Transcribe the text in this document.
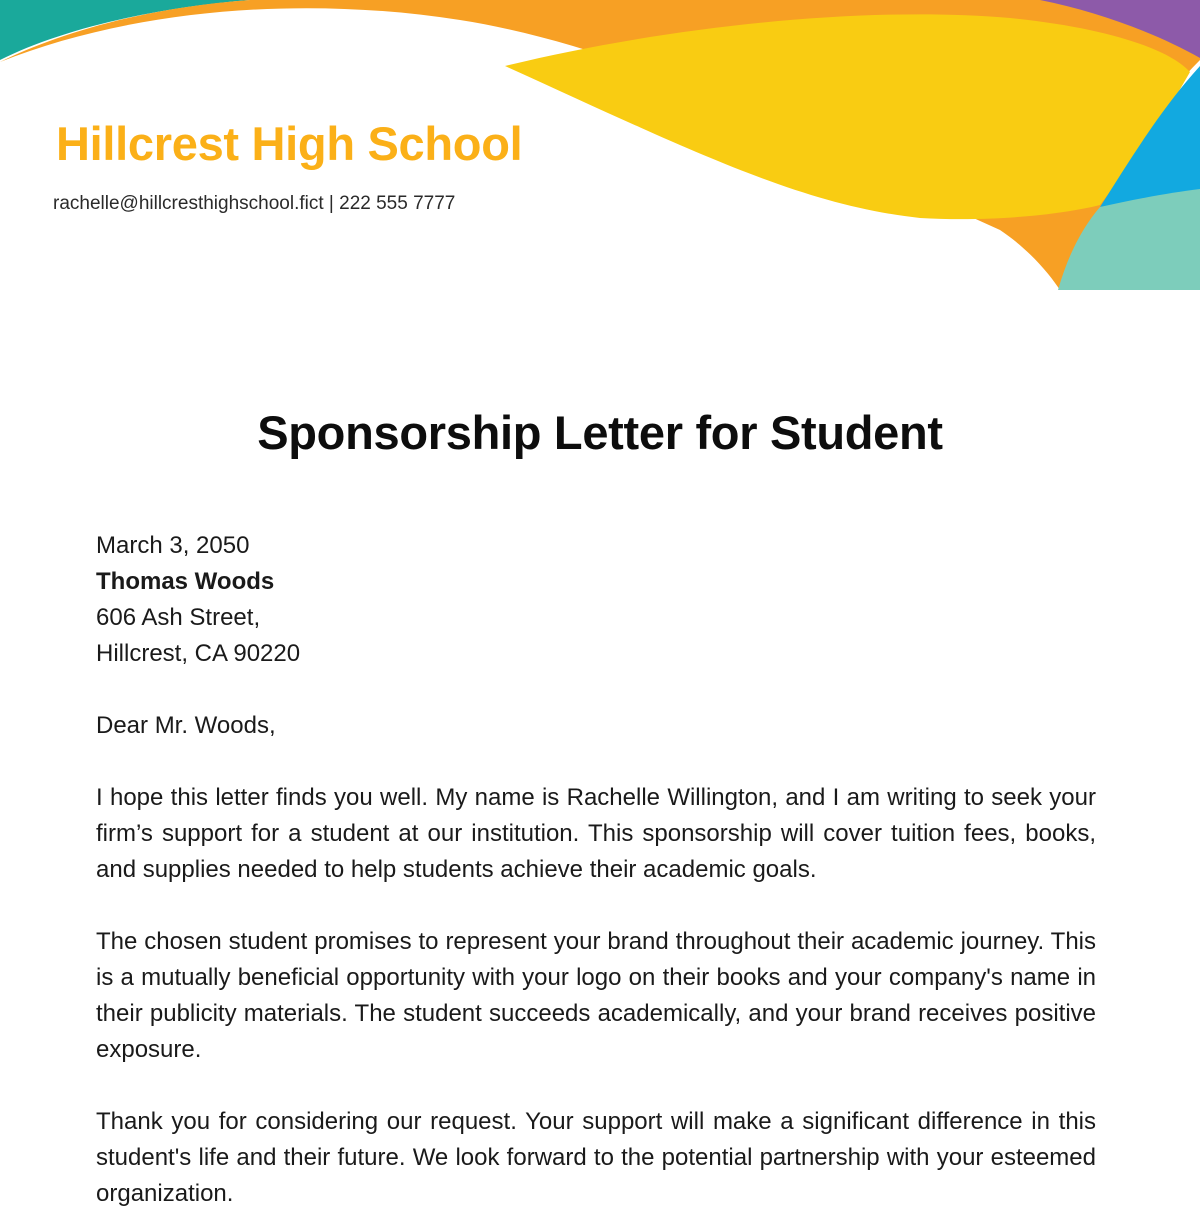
Hillcrest High School
rachelle@hillcresthighschool.fict | 222 555 7777
Sponsorship Letter for Student
March 3, 2050
Thomas Woods
606 Ash Street,
Hillcrest, CA 90220
Dear Mr. Woods,

I hope this letter finds you well. My name is Rachelle Willington, and I am writing to seek your firm’s support for a student at our institution. This sponsorship will cover tuition fees, books, and supplies needed to help students achieve their academic goals.

The chosen student promises to represent your brand throughout their academic journey. This is a mutually beneficial opportunity with your logo on their books and your company's name in their publicity materials. The student succeeds academically, and your brand receives positive exposure.

Thank you for considering our request. Your support will make a significant difference in this student's life and their future. We look forward to the potential partnership with your esteemed organization.
